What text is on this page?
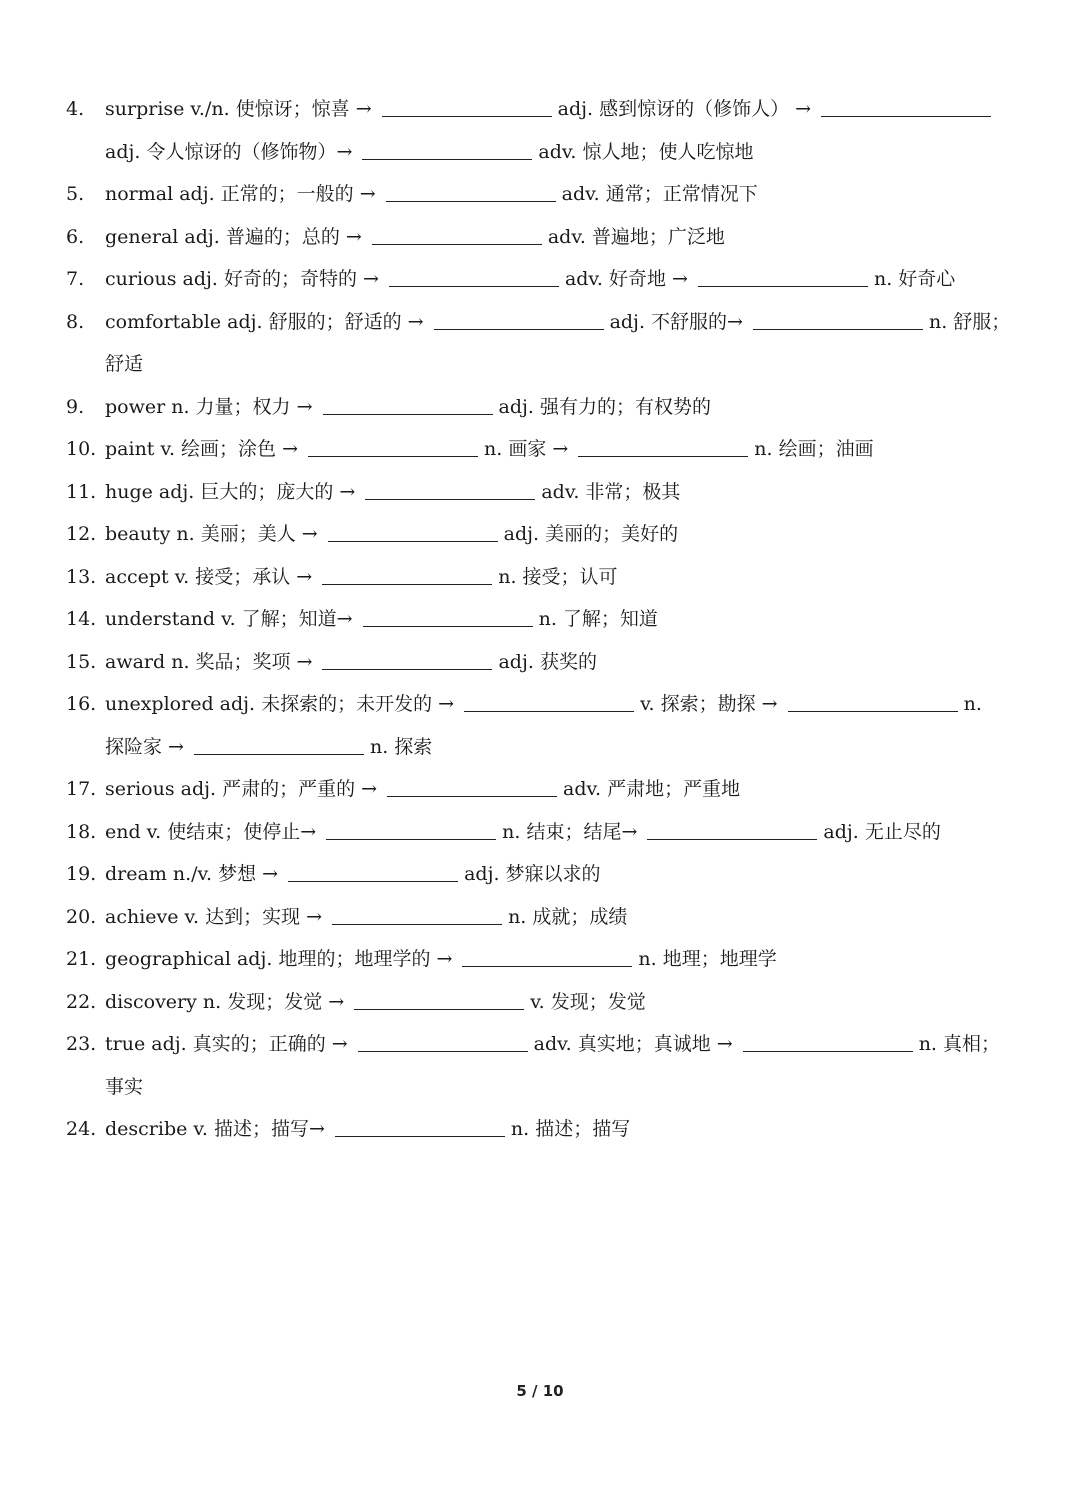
4. surprise v./n. 使惊讶；惊喜 →	adj. 感到惊讶的（修饰人） →
adj. 令人惊讶的（修饰物）→	adv. 惊人地；使人吃惊地
5. normal adj. 正常的；一般的 →	adv. 通常；正常情况下
6. general adj. 普遍的；总的 →	adv. 普遍地；广泛地
7. curious adj. 好奇的；奇特的 →	adv. 好奇地 →	n. 好奇心
8. comfortable adj. 舒服的；舒适的 →	adj. 不舒服的→	n. 舒服；
舒适
9. power n. 力量；权力 →	adj. 强有力的；有权势的
10. paint v. 绘画；涂色 →	n. 画家 →	n. 绘画；油画
11. huge adj. 巨大的；庞大的 →	adv. 非常；极其
12. beauty n. 美丽；美人 →	adj. 美丽的；美好的
13. accept v. 接受；承认 →	n. 接受；认可
14. understand v. 了解；知道→	n. 了解；知道
15. award n. 奖品；奖项 →	adj. 获奖的
16. unexplored adj. 未探索的；未开发的 →	v. 探索；勘探 →	n.
探险家 →	n. 探索
17. serious adj. 严肃的；严重的 →	adv. 严肃地；严重地
18. end v. 使结束；使停止→	n. 结束；结尾→	adj. 无止尽的
19. dream n./v. 梦想 →	adj. 梦寐以求的
20. achieve v. 达到；实现 →	n. 成就；成绩
21. geographical adj. 地理的；地理学的 →	n. 地理；地理学
22. discovery n. 发现；发觉 →	v. 发现；发觉
23. true adj. 真实的；正确的 →	adv. 真实地；真诚地 →	n. 真相；
事实
24. describe v. 描述；描写→	n. 描述；描写
5 / 10
